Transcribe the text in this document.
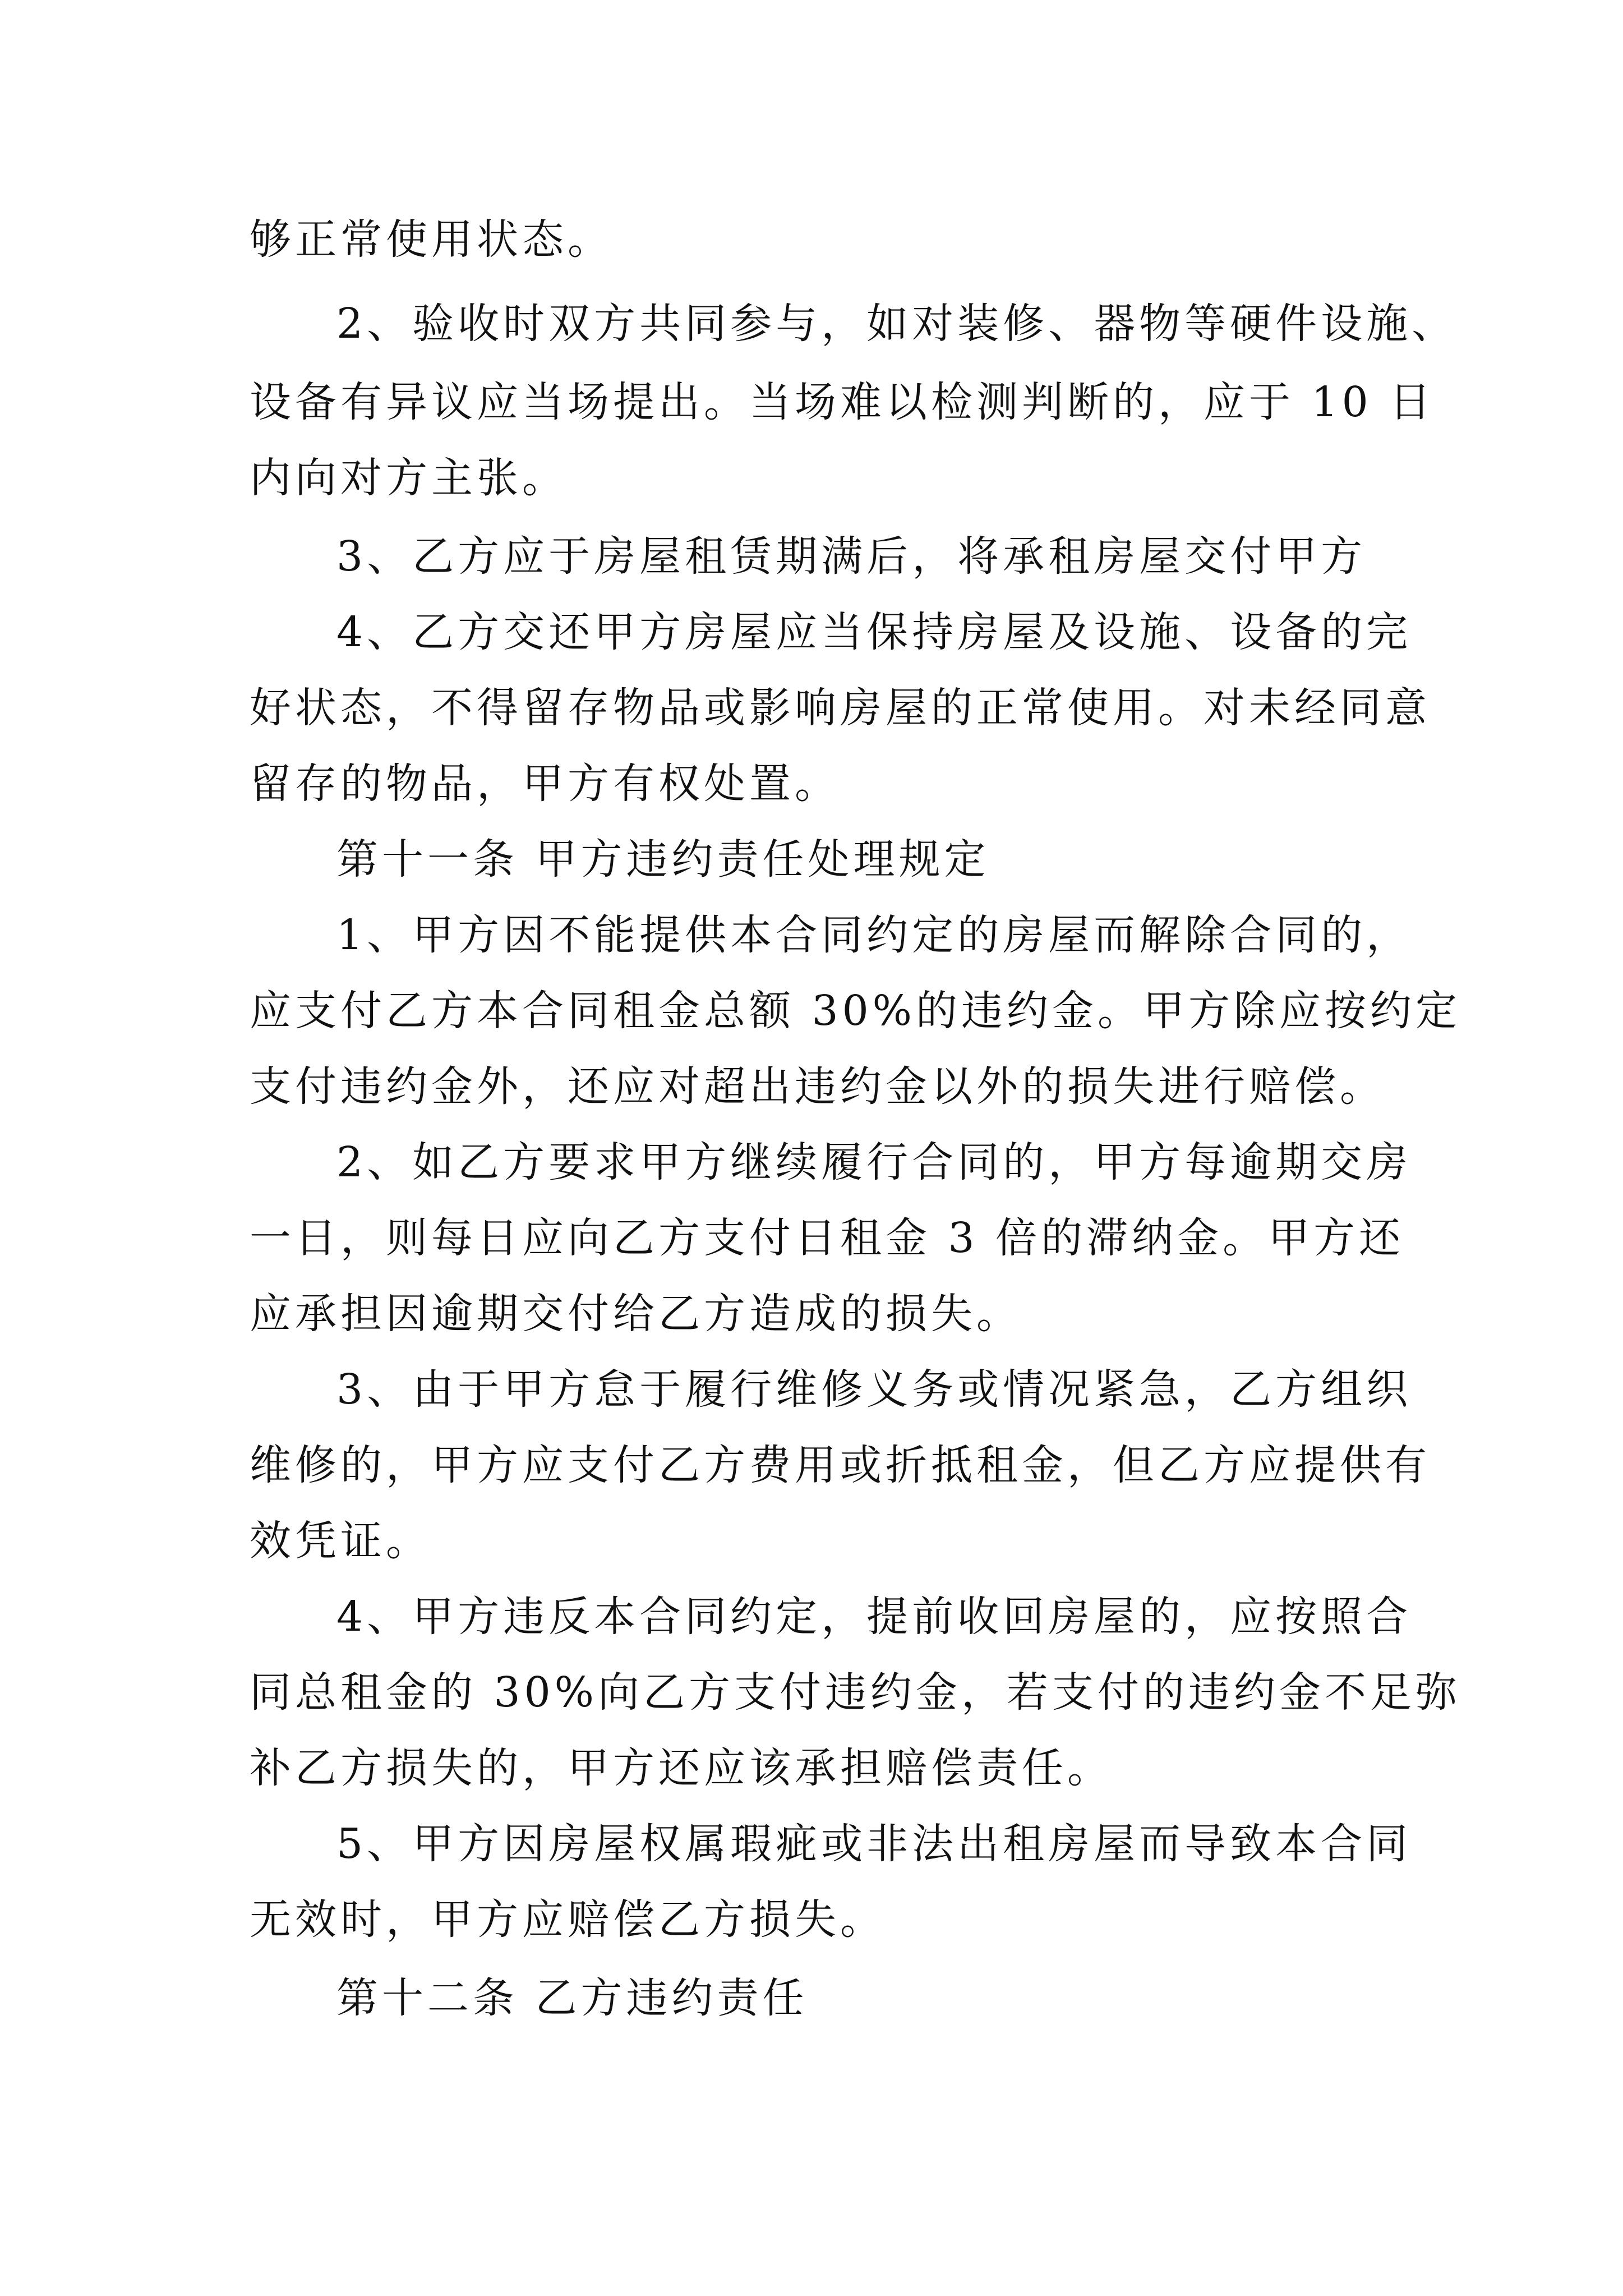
够正常使用状态。
2、验收时双方共同参与，如对装修、器物等硬件设施、
设备有异议应当场提出。当场难以检测判断的，应于 10 日
内向对方主张。
3、乙方应于房屋租赁期满后，将承租房屋交付甲方
4、乙方交还甲方房屋应当保持房屋及设施、设备的完
好状态，不得留存物品或影响房屋的正常使用。对未经同意
留存的物品，甲方有权处置。
第十一条 甲方违约责任处理规定
1、甲方因不能提供本合同约定的房屋而解除合同的，
应支付乙方本合同租金总额 30%的违约金。甲方除应按约定
支付违约金外，还应对超出违约金以外的损失进行赔偿。
2、如乙方要求甲方继续履行合同的，甲方每逾期交房
一日，则每日应向乙方支付日租金 3 倍的滞纳金。甲方还
应承担因逾期交付给乙方造成的损失。
3、由于甲方怠于履行维修义务或情况紧急，乙方组织
维修的，甲方应支付乙方费用或折抵租金，但乙方应提供有
效凭证。
4、甲方违反本合同约定，提前收回房屋的，应按照合
同总租金的 30%向乙方支付违约金，若支付的违约金不足弥
补乙方损失的，甲方还应该承担赔偿责任。
5、甲方因房屋权属瑕疵或非法出租房屋而导致本合同
无效时，甲方应赔偿乙方损失。
第十二条 乙方违约责任
